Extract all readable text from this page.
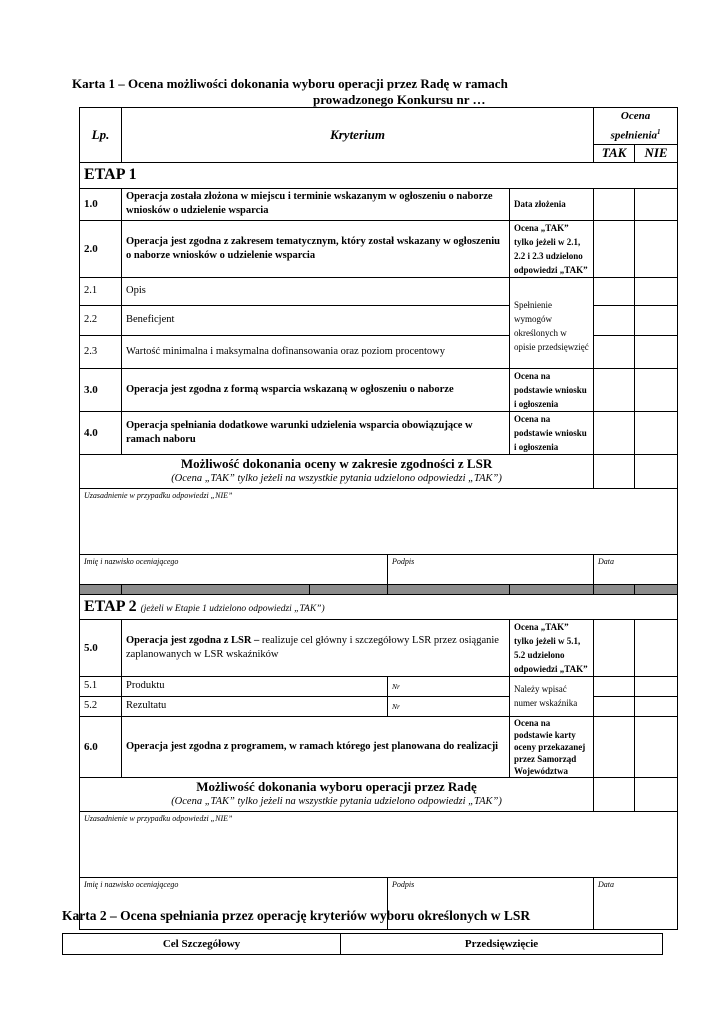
Karta 1 – Ocena możliwości dokonania wyboru operacji przez Radę w ramach
prowadzonego Konkursu nr …
Lp.	Kryterium				Ocena
spełnienia$^1$

					TAK	NIE
ETAP 1						
1.0	Operacja została złożona w miejscu i terminie wskazanym w ogłoszeniu o naborze wniosków o udzielenie wsparcia			Data złożenia		
2.0	Operacja jest zgodna z zakresem tematycznym, który został wskazany w ogłoszeniu o naborze wniosków o udzielenie wsparcia			Ocena „TAK” tylko jeżeli w 2.1, 2.2 i 2.3 udzielono odpowiedzi „TAK”		
2.1	Opis			Spełnienie wymogów określonych w opisie przedsięwzięć		
2.2	Beneficjent					
2.3	Wartość minimalna i maksymalna dofinansowania oraz poziom procentowy					
3.0	Operacja jest zgodna z formą wsparcia wskazaną w ogłoszeniu o naborze			Ocena na podstawie wniosku i ogłoszenia		
4.0	Operacja spełniania dodatkowe warunki udzielenia wsparcia obowiązujące w ramach naboru			Ocena na podstawie wniosku i ogłoszenia		

Możliwość dokonania oceny w zakresie zgodności z LSR
(Ocena „TAK” tylko jeżeli na wszystkie pytania udzielono odpowiedzi „TAK”)						

Uzasadnienie w przypadku odpowiedzi „NIE”						
Imię i nazwisko oceniającego			Podpis		Data	

ETAP 2 (jeżeli w Etapie 1 udzielono odpowiedzi „TAK”)						
5.0	Operacja jest zgodna z LSR – realizuje cel główny i szczegółowy LSR przez osiąganie zaplanowanych w LSR wskaźników			Ocena „TAK” tylko jeżeli w 5.1, 5.2 udzielono odpowiedzi „TAK”		
5.1	Produktu		Nr	Należy wpisać numer wskaźnika		
5.2	Rezultatu		Nr			
6.0	Operacja jest zgodna z programem, w ramach którego jest planowana do realizacji			Ocena na podstawie karty oceny przekazanej przez Samorząd Województwa		

Możliwość dokonania wyboru operacji przez Radę
(Ocena „TAK” tylko jeżeli na wszystkie pytania udzielono odpowiedzi „TAK”)						

Uzasadnienie w przypadku odpowiedzi „NIE”						
Imię i nazwisko oceniającego			Podpis		Data	
Karta 2 – Ocena spełniania przez operację kryteriów wyboru określonych w LSR
Cel Szczegółowy	Przedsięwzięcie
